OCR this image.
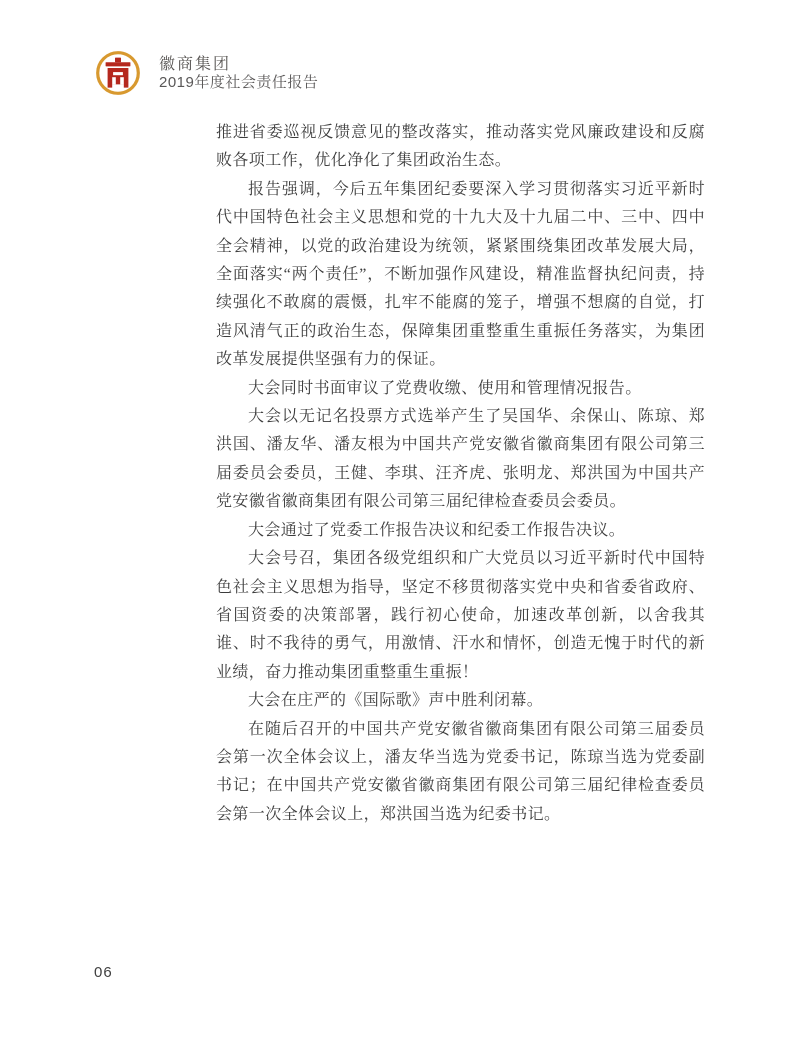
徽商集团
2019年度社会责任报告

推进省委巡视反馈意见的整改落实，推动落实党风廉政建设和反腐败各项工作，优化净化了集团政治生态。

报告强调，今后五年集团纪委要深入学习贯彻落实习近平新时代中国特色社会主义思想和党的十九大及十九届二中、三中、四中全会精神，以党的政治建设为统领，紧紧围绕集团改革发展大局，全面落实“两个责任”，不断加强作风建设，精准监督执纪问责，持续强化不敢腐的震慑，扎牢不能腐的笼子，增强不想腐的自觉，打造风清气正的政治生态，保障集团重整重生重振任务落实，为集团改革发展提供坚强有力的保证。

大会同时书面审议了党费收缴、使用和管理情况报告。

大会以无记名投票方式选举产生了吴国华、余保山、陈琼、郑洪国、潘友华、潘友根为中国共产党安徽省徽商集团有限公司第三届委员会委员，王健、李琪、汪齐虎、张明龙、郑洪国为中国共产党安徽省徽商集团有限公司第三届纪律检查委员会委员。

大会通过了党委工作报告决议和纪委工作报告决议。

大会号召，集团各级党组织和广大党员以习近平新时代中国特色社会主义思想为指导，坚定不移贯彻落实党中央和省委省政府、省国资委的决策部署，践行初心使命，加速改革创新，以舍我其谁、时不我待的勇气，用激情、汗水和情怀，创造无愧于时代的新业绩，奋力推动集团重整重生重振！

大会在庄严的《国际歌》声中胜利闭幕。

在随后召开的中国共产党安徽省徽商集团有限公司第三届委员会第一次全体会议上，潘友华当选为党委书记，陈琼当选为党委副书记；在中国共产党安徽省徽商集团有限公司第三届纪律检查委员会第一次全体会议上，郑洪国当选为纪委书记。

06
